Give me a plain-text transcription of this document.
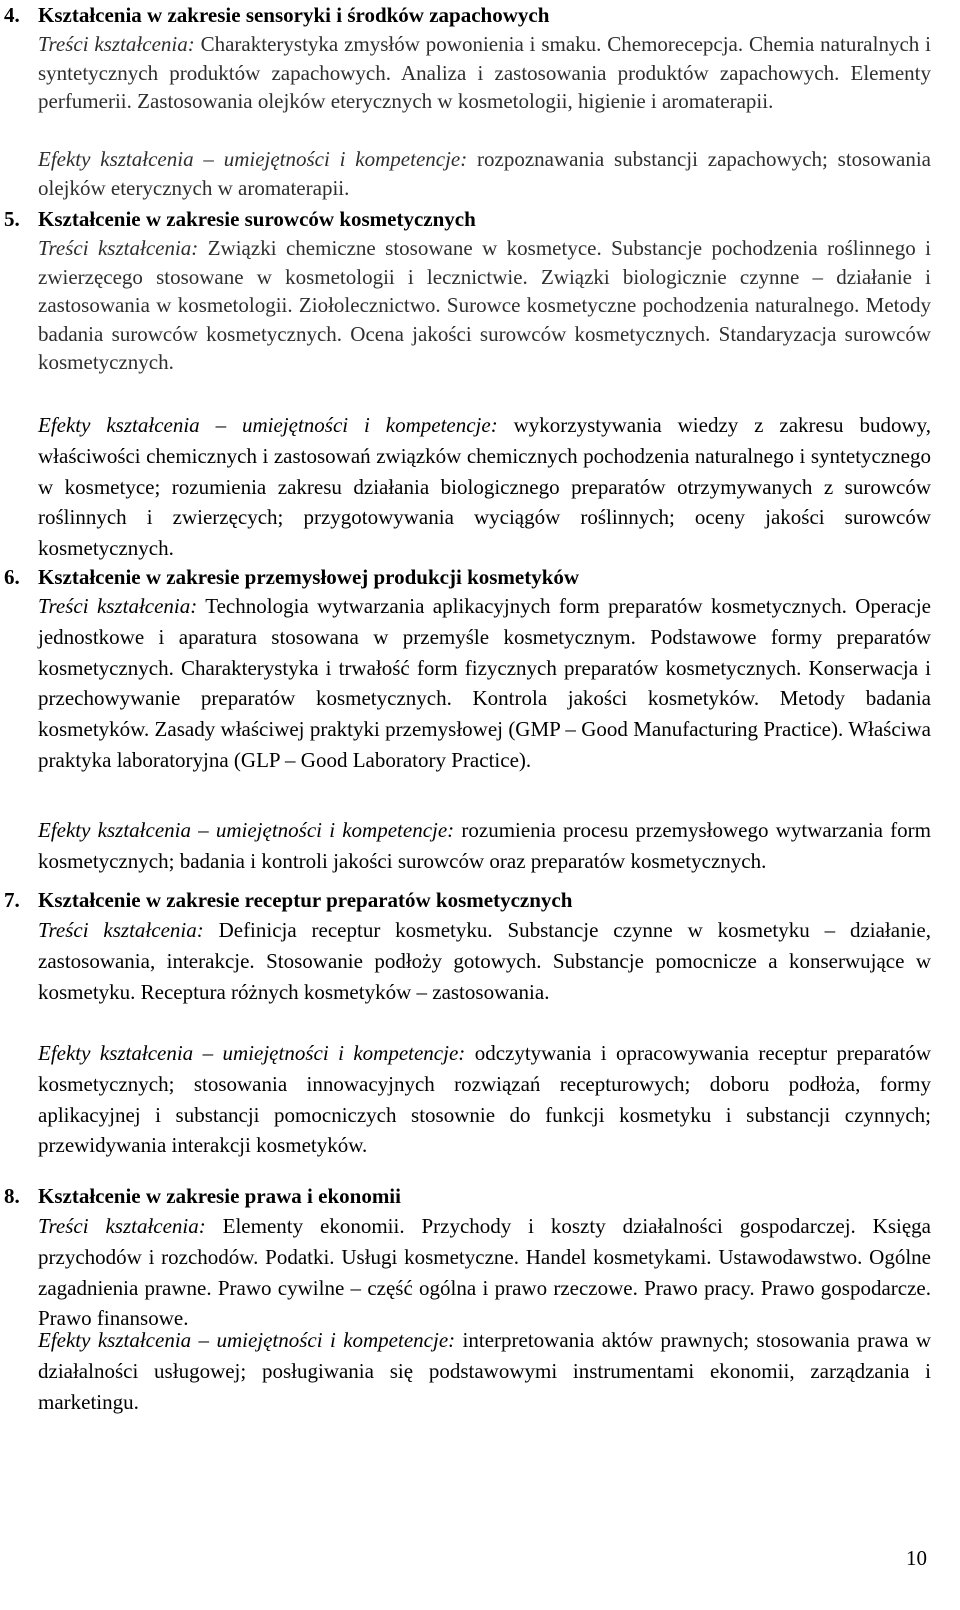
4. Kształcenia w zakresie sensoryki i środków zapachowych
Treści kształcenia: Charakterystyka zmysłów powonienia i smaku. Chemorecepcja. Chemia naturalnych i syntetycznych produktów zapachowych. Analiza i zastosowania produktów zapachowych. Elementy perfumerii. Zastosowania olejków eterycznych w kosmetologii, higienie i aromaterapii.
Efekty kształcenia – umiejętności i kompetencje: rozpoznawania substancji zapachowych; stosowania olejków eterycznych w aromaterapii.
5. Kształcenie w zakresie surowców kosmetycznych
Treści kształcenia: Związki chemiczne stosowane w kosmetyce. Substancje pochodzenia roślinnego i zwierzęcego stosowane w kosmetologii i lecznictwie. Związki biologicznie czynne – działanie i zastosowania w kosmetologii. Ziołolecznictwo. Surowce kosmetyczne pochodzenia naturalnego. Metody badania surowców kosmetycznych. Ocena jakości surowców kosmetycznych. Standaryzacja surowców kosmetycznych.
Efekty kształcenia – umiejętności i kompetencje: wykorzystywania wiedzy z zakresu budowy, właściwości chemicznych i zastosowań związków chemicznych pochodzenia naturalnego i syntetycznego w kosmetyce; rozumienia zakresu działania biologicznego preparatów otrzymywanych z surowców roślinnych i zwierzęcych; przygotowywania wyciągów roślinnych; oceny jakości surowców kosmetycznych.
6. Kształcenie w zakresie przemysłowej produkcji kosmetyków
Treści kształcenia: Technologia wytwarzania aplikacyjnych form preparatów kosmetycznych. Operacje jednostkowe i aparatura stosowana w przemyśle kosmetycznym. Podstawowe formy preparatów kosmetycznych. Charakterystyka i trwałość form fizycznych preparatów kosmetycznych. Konserwacja i przechowywanie preparatów kosmetycznych. Kontrola jakości kosmetyków. Metody badania kosmetyków. Zasady właściwej praktyki przemysłowej (GMP – Good Manufacturing Practice). Właściwa praktyka laboratoryjna (GLP – Good Laboratory Practice).
Efekty kształcenia – umiejętności i kompetencje: rozumienia procesu przemysłowego wytwarzania form kosmetycznych; badania i kontroli jakości surowców oraz preparatów kosmetycznych.
7. Kształcenie w zakresie receptur preparatów kosmetycznych
Treści kształcenia: Definicja receptur kosmetyku. Substancje czynne w kosmetyku – działanie, zastosowania, interakcje. Stosowanie podłoży gotowych. Substancje pomocnicze a konserwujące w kosmetyku. Receptura różnych kosmetyków – zastosowania.
Efekty kształcenia – umiejętności i kompetencje: odczytywania i opracowywania receptur preparatów kosmetycznych; stosowania innowacyjnych rozwiązań recepturowych; doboru podłoża, formy aplikacyjnej i substancji pomocniczych stosownie do funkcji kosmetyku i substancji czynnych; przewidywania interakcji kosmetyków.
8. Kształcenie w zakresie prawa i ekonomii
Treści kształcenia: Elementy ekonomii. Przychody i koszty działalności gospodarczej. Księga przychodów i rozchodów. Podatki. Usługi kosmetyczne. Handel kosmetykami. Ustawodawstwo. Ogólne zagadnienia prawne. Prawo cywilne – część ogólna i prawo rzeczowe. Prawo pracy. Prawo gospodarcze. Prawo finansowe.
Efekty kształcenia – umiejętności i kompetencje: interpretowania aktów prawnych; stosowania prawa w działalności usługowej; posługiwania się podstawowymi instrumentami ekonomii, zarządzania i marketingu.
10
